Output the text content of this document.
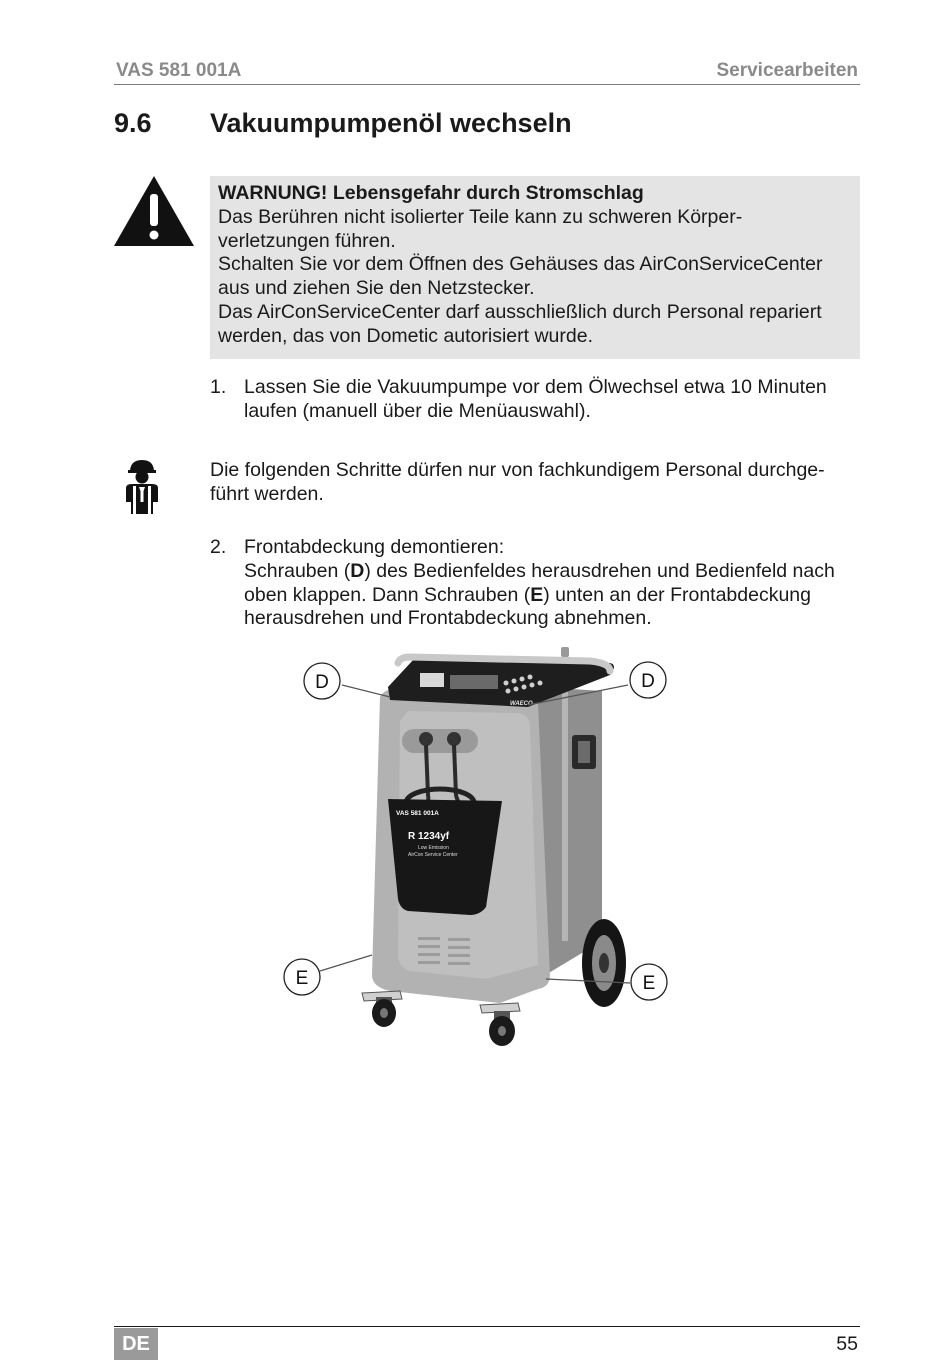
VAS 581 001A	Servicearbeiten
9.6 Vakuumpumpenöl wechseln
WARNUNG! Lebensgefahr durch Stromschlag
Das Berühren nicht isolierter Teile kann zu schweren Körper-
verletzungen führen.
Schalten Sie vor dem Öffnen des Gehäuses das AirConServiceCenter
aus und ziehen Sie den Netzstecker.
Das AirConServiceCenter darf ausschließlich durch Personal repariert
werden, das von Dometic autorisiert wurde.
1. Lassen Sie die Vakuumpumpe vor dem Ölwechsel etwa 10 Minuten
laufen (manuell über die Menüauswahl).
Die folgenden Schritte dürfen nur von fachkundigem Personal durchge-
führt werden.
2. Frontabdeckung demontieren:
Schrauben (D) des Bedienfeldes herausdrehen und Bedienfeld nach
oben klappen. Dann Schrauben (E) unten an der Frontabdeckung
herausdrehen und Frontabdeckung abnehmen.
WAECO
VAS 581 001A
R 1234yf
Low Emission
AirCon Service Center
D	D
E	E
DE	55
